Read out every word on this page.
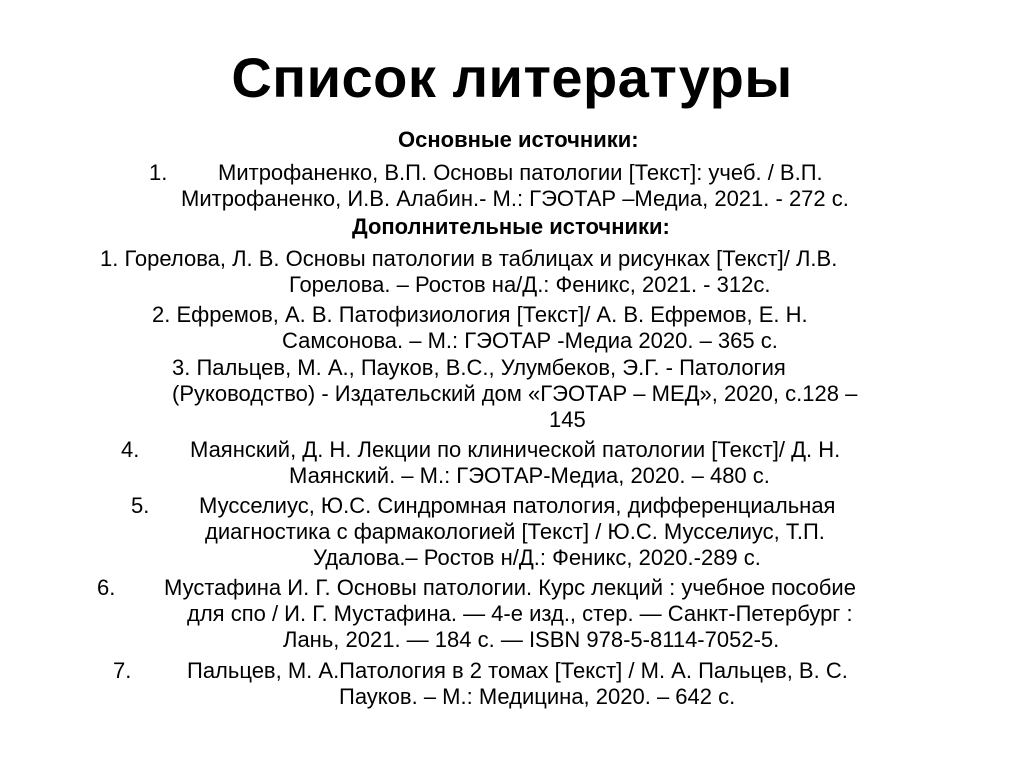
Список литературы
Основные источники:
1. Митрофаненко, В.П. Основы патологии [Текст]: учеб. / В.П.
Митрофаненко, И.В. Алабин.- М.: ГЭОТАР –Медиа, 2021. - 272 с.
Дополнительные источники:
1. Горелова, Л. В. Основы патологии в таблицах и рисунках [Текст]/ Л.В.
Горелова. – Ростов на/Д.: Феникс, 2021. - 312с.
2. Ефремов, А. В. Патофизиология [Текст]/ А. В. Ефремов, Е. Н.
Самсонова. – М.: ГЭОТАР -Медиа 2020. – 365 с.
3. Пальцев, М. А., Пауков, В.С., Улумбеков, Э.Г. - Патология
(Руководство) - Издательский дом «ГЭОТАР – МЕД», 2020, с.128 –
145
4. Маянский, Д. Н. Лекции по клинической патологии [Текст]/ Д. Н.
Маянский. – М.: ГЭОТАР-Медиа, 2020. – 480 с.
5. Мусселиус, Ю.С. Синдромная патология, дифференциальная
диагностика с фармакологией [Текст] / Ю.С. Мусселиус, Т.П.
Удалова.– Ростов н/Д.: Феникс, 2020.-289 с.
6. Мустафина И. Г. Основы патологии. Курс лекций : учебное пособие
для спо / И. Г. Мустафина. — 4-е изд., стер. — Санкт-Петербург :
Лань, 2021. — 184 с. — ISBN 978-5-8114-7052-5.
7.	Пальцев, М. А.Патология в 2 томах [Текст] / М. А. Пальцев, В. С.
Пауков. – М.: Медицина, 2020. – 642 с.
